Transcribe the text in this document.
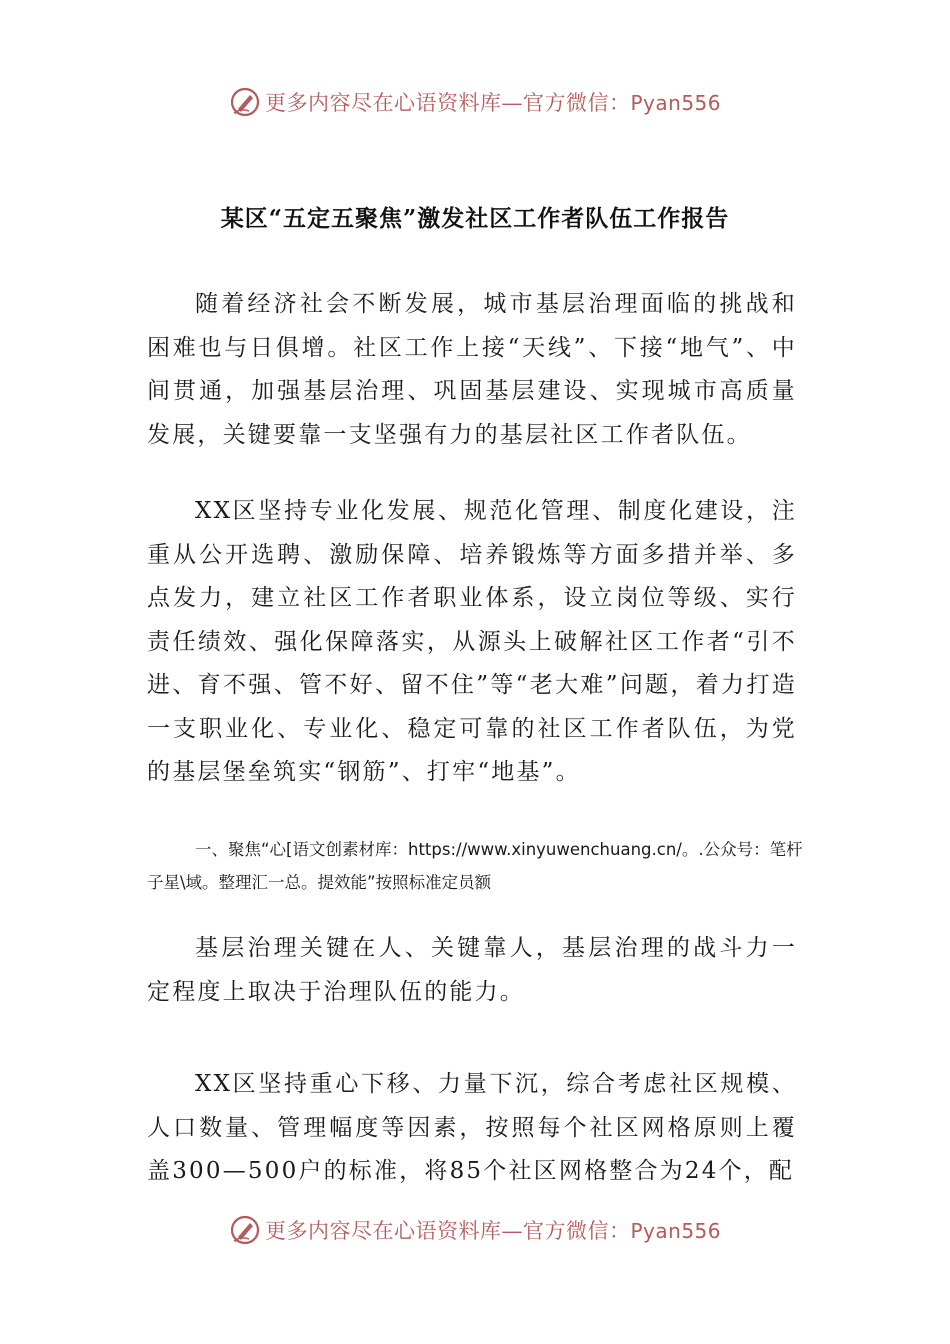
更多内容尽在心语资料库—官方微信：Pyan556
某区“五定五聚焦”激发社区工作者队伍工作报告

随着经济社会不断发展，城市基层治理面临的挑战和困难也与日俱增。社区工作上接“天线”、下接“地气”、中间贯通，加强基层治理、巩固基层建设、实现城市高质量发展，关键要靠一支坚强有力的基层社区工作者队伍。

XX区坚持专业化发展、规范化管理、制度化建设，注重从公开选聘、激励保障、培养锻炼等方面多措并举、多点发力，建立社区工作者职业体系，设立岗位等级、实行责任绩效、强化保障落实，从源头上破解社区工作者“引不进、育不强、管不好、留不住”等“老大难”问题，着力打造一支职业化、专业化、稳定可靠的社区工作者队伍，为党的基层堡垒筑实“钢筋”、打牢“地基”。

一、聚焦“心[语文创素材库：https://www.xinyuwenchuang.cn/。.公众号：笔杆子星\域。整理汇一总。提效能”按照标准定员额

基层治理关键在人、关键靠人，基层治理的战斗力一定程度上取决于治理队伍的能力。

XX区坚持重心下移、力量下沉，综合考虑社区规模、人口数量、管理幅度等因素，按照每个社区网格原则上覆盖300—500户的标准，将85个社区网格整合为24个，配

更多内容尽在心语资料库—官方微信：Pyan556
